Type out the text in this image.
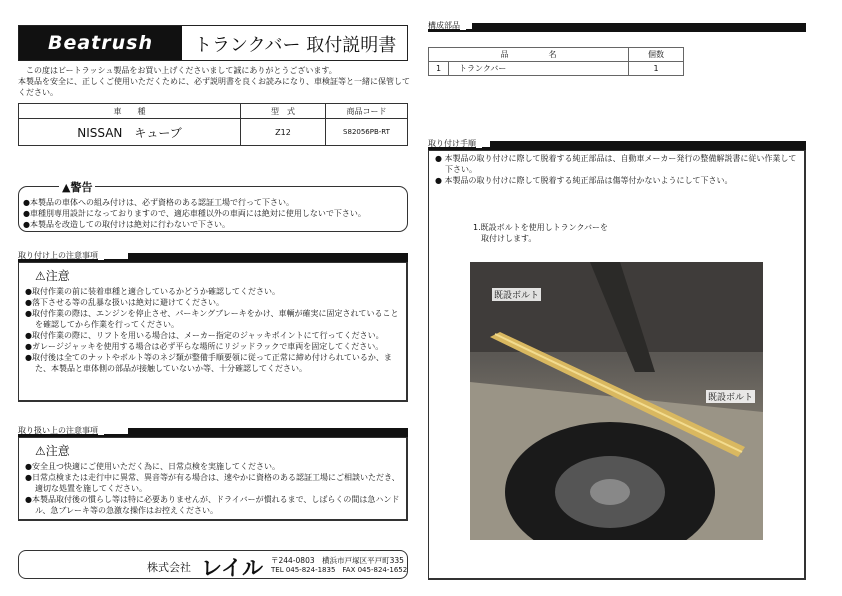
Beatrush	トランクバー 取付説明書
　この度はビートラッシュ製品をお買い上げくださいまして誠にありがとうございます。
本製品を安全に、正しくご使用いただくために、必ず説明書を良くお読みになり、車検証等と一緒に保管してください。
車　　種	型　式	商品コード
NISSAN　キューブ	Z12	S82056PB-RT
▲警告
●本製品の車体への組み付けは、必ず資格のある認証工場で行って下さい。
●車種別専用設計になっておりますので、適応車種以外の車両には絶対に使用しないで下さい。
●本製品を改造しての取付けは絶対に行わないで下さい。
取り付け上の注意事項
⚠注意
●取付作業の前に装着車種と適合しているかどうか確認してください。
●落下させる等の乱暴な扱いは絶対に避けてください。
●取付作業の際は、エンジンを停止させ、パーキングブレーキをかけ、車輌が確実に固定されていることを確認してから作業を行ってください。
●取付作業の際に、リフトを用いる場合は、メーカー指定のジャッキポイントにて行ってください。
●ガレージジャッキを使用する場合は必ず平らな場所にリジッドラックで車両を固定してください。
●取付後は全てのナットやボルト等のネジ類が整備手順要領に従って正常に締め付けられているか、また、本製品と車体側の部品が接触していないか等、十分確認してください。
取り扱い上の注意事項
⚠注意
●安全且つ快適にご使用いただく為に、日常点検を実施してください。
●日常点検または走行中に異常、異音等が有る場合は、速やかに資格のある認証工場にご相談いただき、適切な処置を施してください。
●本製品取付後の慣らし等は特に必要ありませんが、ドライバーが慣れるまで、しばらくの間は急ハンドル、急ブレーキ等の急激な操作はお控えください。
株式会社 レイル 〒244-0803　横浜市戸塚区平戸町335
TEL 045-824-1835　FAX 045-824-1652
構成部品
品　　　　　名		個数
1	トランクバー	1
取り付け手順
● 本製品の取り付けに際して脱着する純正部品は、自動車メーカー発行の整備解説書に従い作業して下さい。
● 本製品の取り付けに際して脱着する純正部品は傷等付かないようにして下さい。
1.既設ボルトを使用しトランクバーを
　取付けします。
既設ボルト
既設ボルト
